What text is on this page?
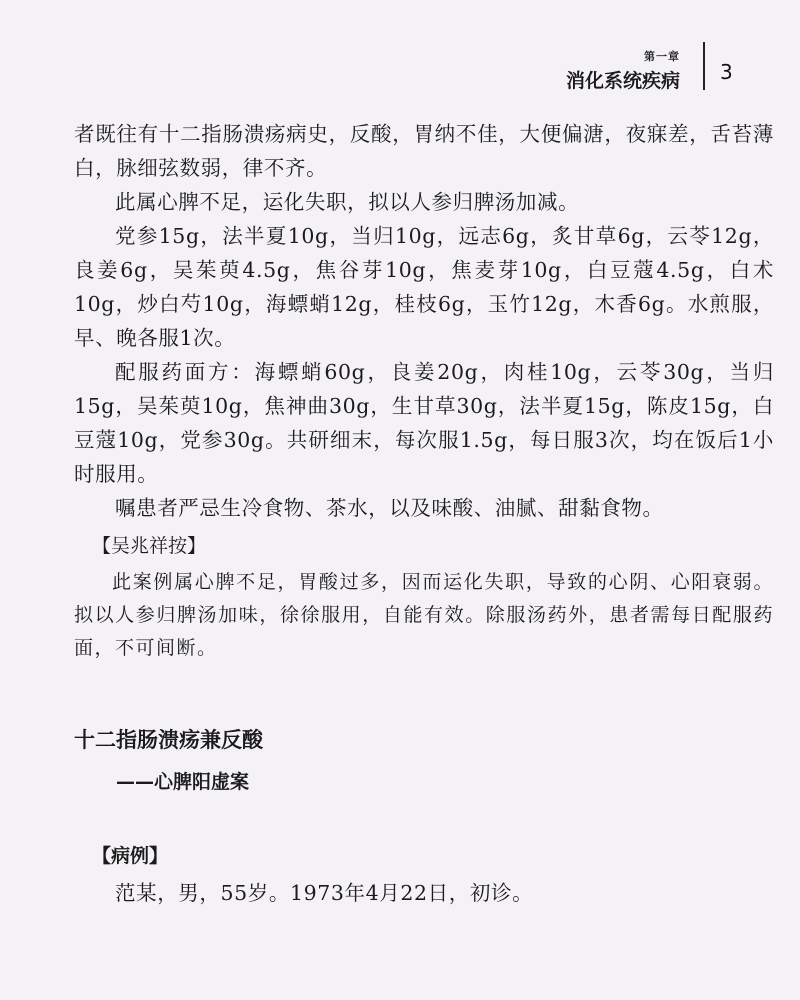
第一章
消化系统疾病 3

者既往有十二指肠溃疡病史，反酸，胃纳不佳，大便偏溏，夜寐差，舌苔薄白，脉细弦数弱，律不齐。

此属心脾不足，运化失职，拟以人参归脾汤加减。

党参15g，法半夏10g，当归10g，远志6g，炙甘草6g，云苓12g，良姜6g，吴茱萸4.5g，焦谷芽10g，焦麦芽10g，白豆蔻4.5g，白术10g，炒白芍10g，海螵蛸12g，桂枝6g，玉竹12g，木香6g。水煎服，早、晚各服1次。

配服药面方：海螵蛸60g，良姜20g，肉桂10g，云苓30g，当归15g，吴茱萸10g，焦神曲30g，生甘草30g，法半夏15g，陈皮15g，白豆蔻10g，党参30g。共研细末，每次服1.5g，每日服3次，均在饭后1小时服用。

嘱患者严忌生冷食物、茶水，以及味酸、油腻、甜黏食物。

【吴兆祥按】

此案例属心脾不足，胃酸过多，因而运化失职，导致的心阴、心阳衰弱。拟以人参归脾汤加味，徐徐服用，自能有效。除服汤药外，患者需每日配服药面，不可间断。

十二指肠溃疡兼反酸
——心脾阳虚案
【病例】

范某，男，55岁。1973年4月22日，初诊。
